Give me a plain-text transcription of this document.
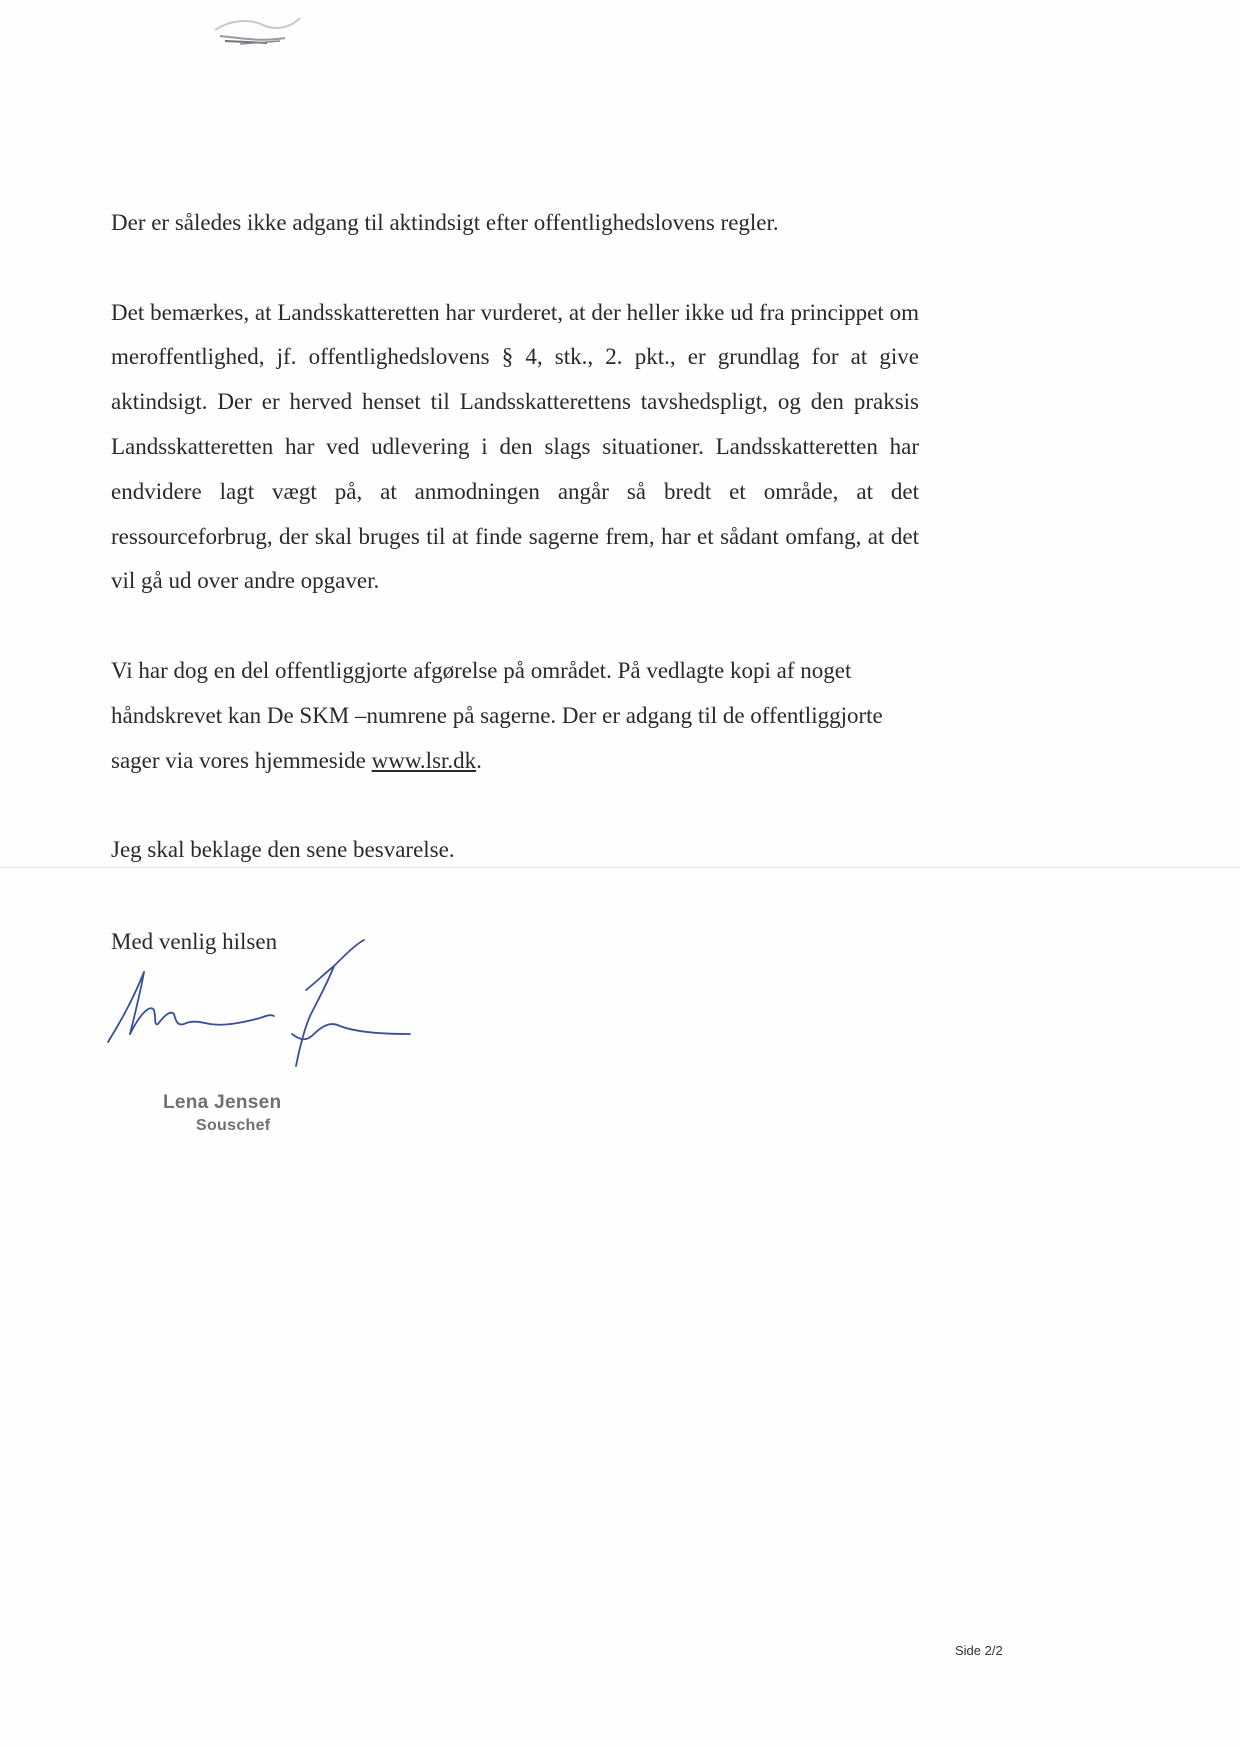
Der er således ikke adgang til aktindsigt efter offentlighedslovens regler.

Det bemærkes, at Landsskatteretten har vurderet, at der heller ikke ud fra princippet om meroffentlighed, jf. offentlighedslovens § 4, stk., 2. pkt., er grundlag for at give aktindsigt. Der er herved henset til Landsskatterettens tavshedspligt, og den praksis Landsskatteretten har ved udlevering i den slags situationer. Landsskatteretten har endvidere lagt vægt på, at anmodningen angår så bredt et område, at det ressourceforbrug, der skal bruges til at finde sagerne frem, har et sådant omfang, at det vil gå ud over andre opgaver.

Vi har dog en del offentliggjorte afgørelse på området. På vedlagte kopi af noget håndskrevet kan De SKM –numrene på sagerne. Der er adgang til de offentliggjorte sager via vores hjemmeside www.lsr.dk.

Jeg skal beklage den sene besvarelse.

Med venlig hilsen
Lena Jensen
Souschef
Side 2/2
